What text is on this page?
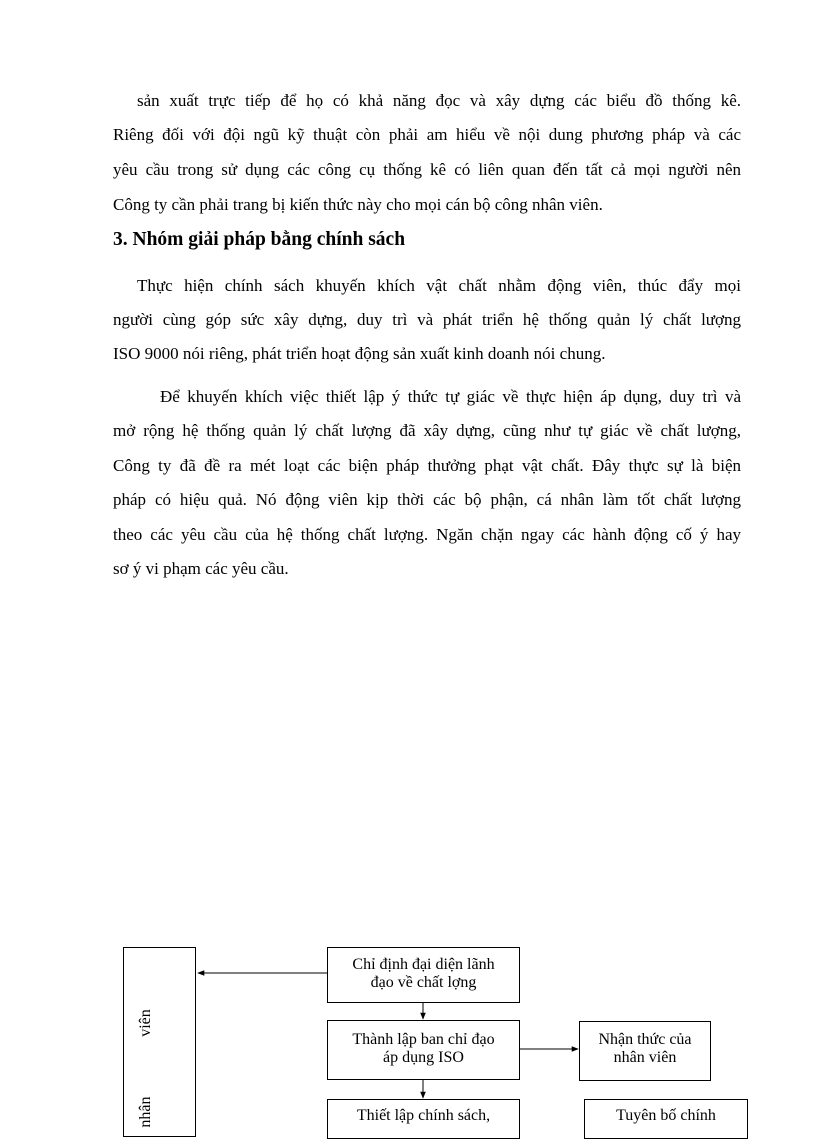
sản xuất trực tiếp để họ có khả năng đọc và xây dựng các biểu đồ thống kê.
Riêng đối với đội ngũ kỹ thuật còn phải am hiểu về nội dung phương pháp và các
yêu cầu trong sử dụng các công cụ thống kê có liên quan đến tất cả mọi người nên
Công ty cần phải trang bị kiến thức này cho mọi cán bộ công nhân viên.
3. Nhóm giải pháp bằng chính sách
Thực hiện chính sách khuyến khích vật chất nhằm động viên, thúc đẩy mọi
người cùng góp sức xây dựng, duy trì và phát triển hệ thống quản lý chất lượng
ISO 9000 nói riêng, phát triển hoạt động sản xuất kinh doanh nói chung.
Để khuyến khích việc thiết lập ý thức tự giác về thực hiện áp dụng, duy trì và
mở rộng hệ thống quản lý chất lượng đã xây dựng, cũng như tự giác về chất lượng,
Công ty đã đề ra mét loạt các biện pháp thưởng phạt vật chất. Đây thực sự là biện
pháp có hiệu quả. Nó động viên kịp thời các bộ phận, cá nhân làm tốt chất lượng
theo các yêu cầu của hệ thống chất lượng. Ngăn chặn ngay các hành động cố ý hay
sơ ý vi phạm các yêu cầu.
viên
nhân
Chỉ định đại diện lãnh
đạo về chất lợng
Thành lập ban chỉ đạo
áp dụng ISO
Thiết lập chính sách,
Nhận thức của
nhân viên
Tuyên bố chính
